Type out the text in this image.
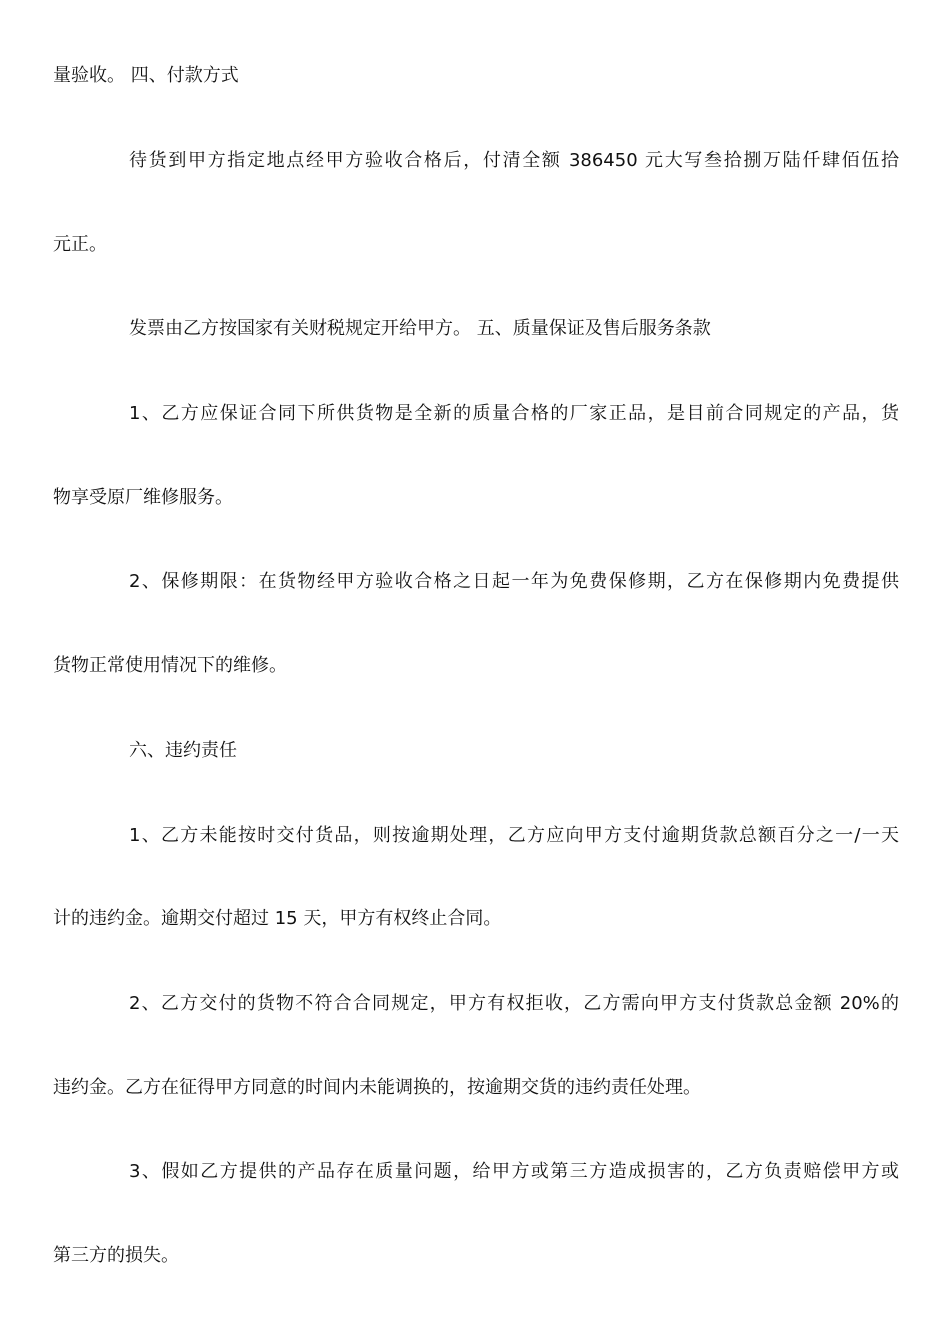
量验收。 四、付款方式
待货到甲方指定地点经甲方验收合格后，付清全额 386450 元大写叁拾捌万陆仟肆佰伍拾
元正。
发票由乙方按国家有关财税规定开给甲方。 五、质量保证及售后服务条款
1、乙方应保证合同下所供货物是全新的质量合格的厂家正品，是目前合同规定的产品，货
物享受原厂维修服务。
2、保修期限：在货物经甲方验收合格之日起一年为免费保修期，乙方在保修期内免费提供
货物正常使用情况下的维修。
六、违约责任
1、乙方未能按时交付货品，则按逾期处理，乙方应向甲方支付逾期货款总额百分之一/一天
计的违约金。逾期交付超过 15 天，甲方有权终止合同。
2、乙方交付的货物不符合合同规定，甲方有权拒收，乙方需向甲方支付货款总金额 20%的
违约金。乙方在征得甲方同意的时间内未能调换的，按逾期交货的违约责任处理。
3、假如乙方提供的产品存在质量问题，给甲方或第三方造成损害的，乙方负责赔偿甲方或
第三方的损失。
